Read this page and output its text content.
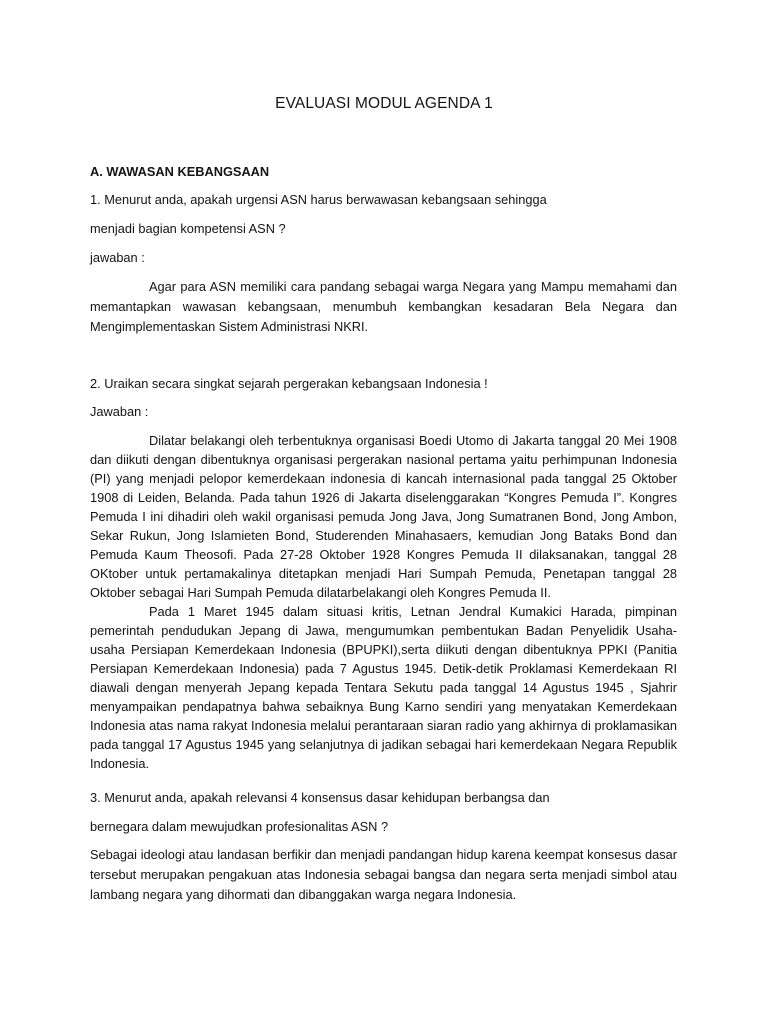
EVALUASI MODUL AGENDA 1

A. WAWASAN KEBANGSAAN

1. Menurut anda, apakah urgensi ASN harus berwawasan kebangsaan sehingga

menjadi bagian kompetensi ASN ?

jawaban :

Agar para ASN memiliki cara pandang sebagai warga Negara yang Mampu memahami dan memantapkan wawasan kebangsaan, menumbuh kembangkan kesadaran Bela Negara dan Mengimplementaskan Sistem Administrasi NKRI.

2. Uraikan secara singkat sejarah pergerakan kebangsaan Indonesia !

Jawaban :

Dilatar belakangi oleh terbentuknya organisasi Boedi Utomo di Jakarta tanggal 20 Mei 1908 dan diikuti dengan dibentuknya organisasi pergerakan nasional pertama yaitu perhimpunan Indonesia (PI) yang menjadi pelopor kemerdekaan indonesia di kancah internasional pada tanggal 25 Oktober 1908 di Leiden, Belanda. Pada tahun 1926 di Jakarta diselenggarakan “Kongres Pemuda I”. Kongres Pemuda I ini dihadiri oleh wakil organisasi pemuda Jong Java, Jong Sumatranen Bond, Jong Ambon, Sekar Rukun, Jong Islamieten Bond, Studerenden Minahasaers, kemudian Jong Bataks Bond dan Pemuda Kaum Theosofi. Pada 27-28 Oktober 1928 Kongres Pemuda II dilaksanakan, tanggal 28 OKtober untuk pertamakalinya ditetapkan menjadi Hari Sumpah Pemuda, Penetapan tanggal 28 Oktober sebagai Hari Sumpah Pemuda dilatarbelakangi oleh Kongres Pemuda II.

Pada 1 Maret 1945 dalam situasi kritis, Letnan Jendral Kumakici Harada, pimpinan pemerintah pendudukan Jepang di Jawa, mengumumkan pembentukan Badan Penyelidik Usaha-usaha Persiapan Kemerdekaan Indonesia (BPUPKI),serta diikuti dengan dibentuknya PPKI (Panitia Persiapan Kemerdekaan Indonesia) pada 7 Agustus 1945. Detik-detik Proklamasi Kemerdekaan RI diawali dengan menyerah Jepang kepada Tentara Sekutu pada tanggal 14 Agustus 1945 , Sjahrir menyampaikan pendapatnya bahwa sebaiknya Bung Karno sendiri yang menyatakan Kemerdekaan Indonesia atas nama rakyat Indonesia melalui perantaraan siaran radio yang akhirnya di proklamasikan pada tanggal 17 Agustus 1945 yang selanjutnya di jadikan sebagai hari kemerdekaan Negara Republik Indonesia.

3. Menurut anda, apakah relevansi 4 konsensus dasar kehidupan berbangsa dan

bernegara dalam mewujudkan profesionalitas ASN ?

Sebagai ideologi atau landasan berfikir dan menjadi pandangan hidup karena keempat konsesus dasar tersebut merupakan pengakuan atas Indonesia sebagai bangsa dan negara serta menjadi simbol atau lambang negara yang dihormati dan dibanggakan warga negara Indonesia.
